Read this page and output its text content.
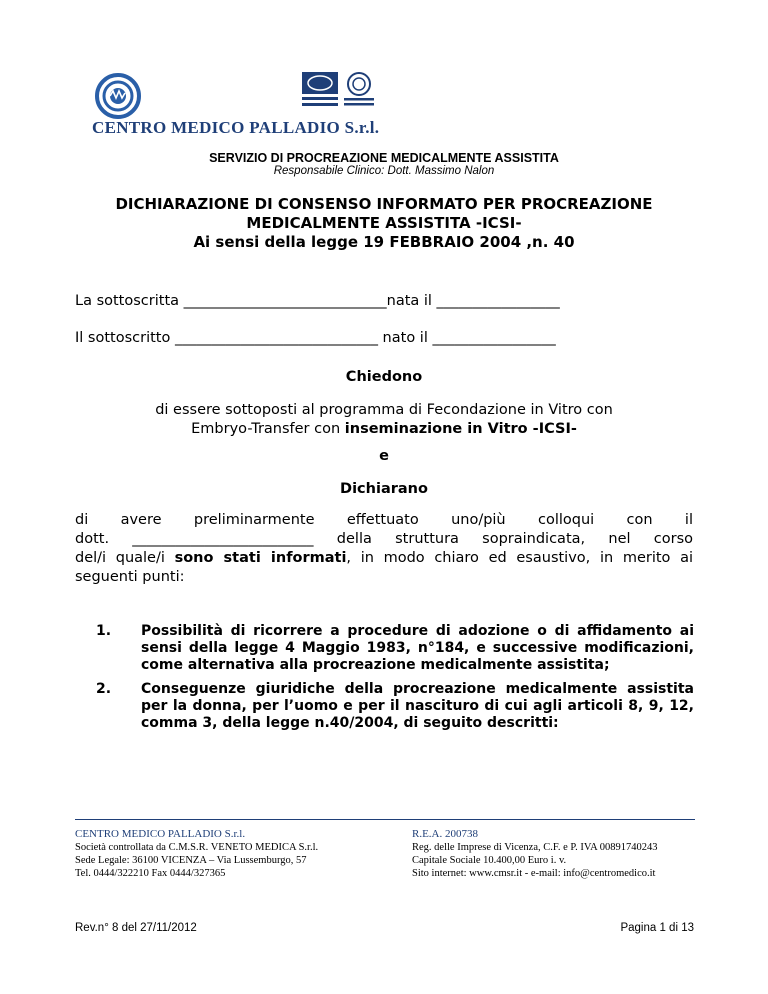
CENTRO MEDICO PALLADIO S.r.l.
SERVIZIO DI PROCREAZIONE MEDICALMENTE ASSISTITA
Responsabile Clinico: Dott. Massimo Nalon
DICHIARAZIONE DI CONSENSO INFORMATO PER PROCREAZIONE
MEDICALMENTE ASSISTITA -ICSI-
Ai sensi della legge 19 FEBBRAIO 2004 ,n. 40
La sottoscritta ____________________________nata il _________________
Il sottoscritto ____________________________ nato il _________________
Chiedono
di essere sottoposti al programma di Fecondazione in Vitro con
Embryo-Transfer con inseminazione in Vitro -ICSI-
e
Dichiarano
di avere preliminarmente effettuato uno/più colloqui con il
dott. _________________________ della struttura sopraindicata, nel corso
del/i quale/i sono stati informati, in modo chiaro ed esaustivo, in merito ai
seguenti punti:
1. Possibilità di ricorrere a procedure di adozione o di affidamento ai
sensi della legge 4 Maggio 1983, n°184, e successive modificazioni,
come alternativa alla procreazione medicalmente assistita;
2. Conseguenze giuridiche della procreazione medicalmente assistita
per la donna, per l’uomo e per il nascituro di cui agli articoli 8, 9, 12,
comma 3, della legge n.40/2004, di seguito descritti:
CENTRO MEDICO PALLADIO S.r.l.
Società controllata da C.M.S.R. VENETO MEDICA S.r.l.
Sede Legale: 36100 VICENZA – Via Lussemburgo, 57
Tel. 0444/322210 Fax 0444/327365
R.E.A. 200738
Reg. delle Imprese di Vicenza, C.F. e P. IVA 00891740243
Capitale Sociale 10.400,00 Euro i. v.
Sito internet: www.cmsr.it - e-mail: info@centromedico.it
Rev.n° 8 del 27/11/2012	Pagina 1 di 13
